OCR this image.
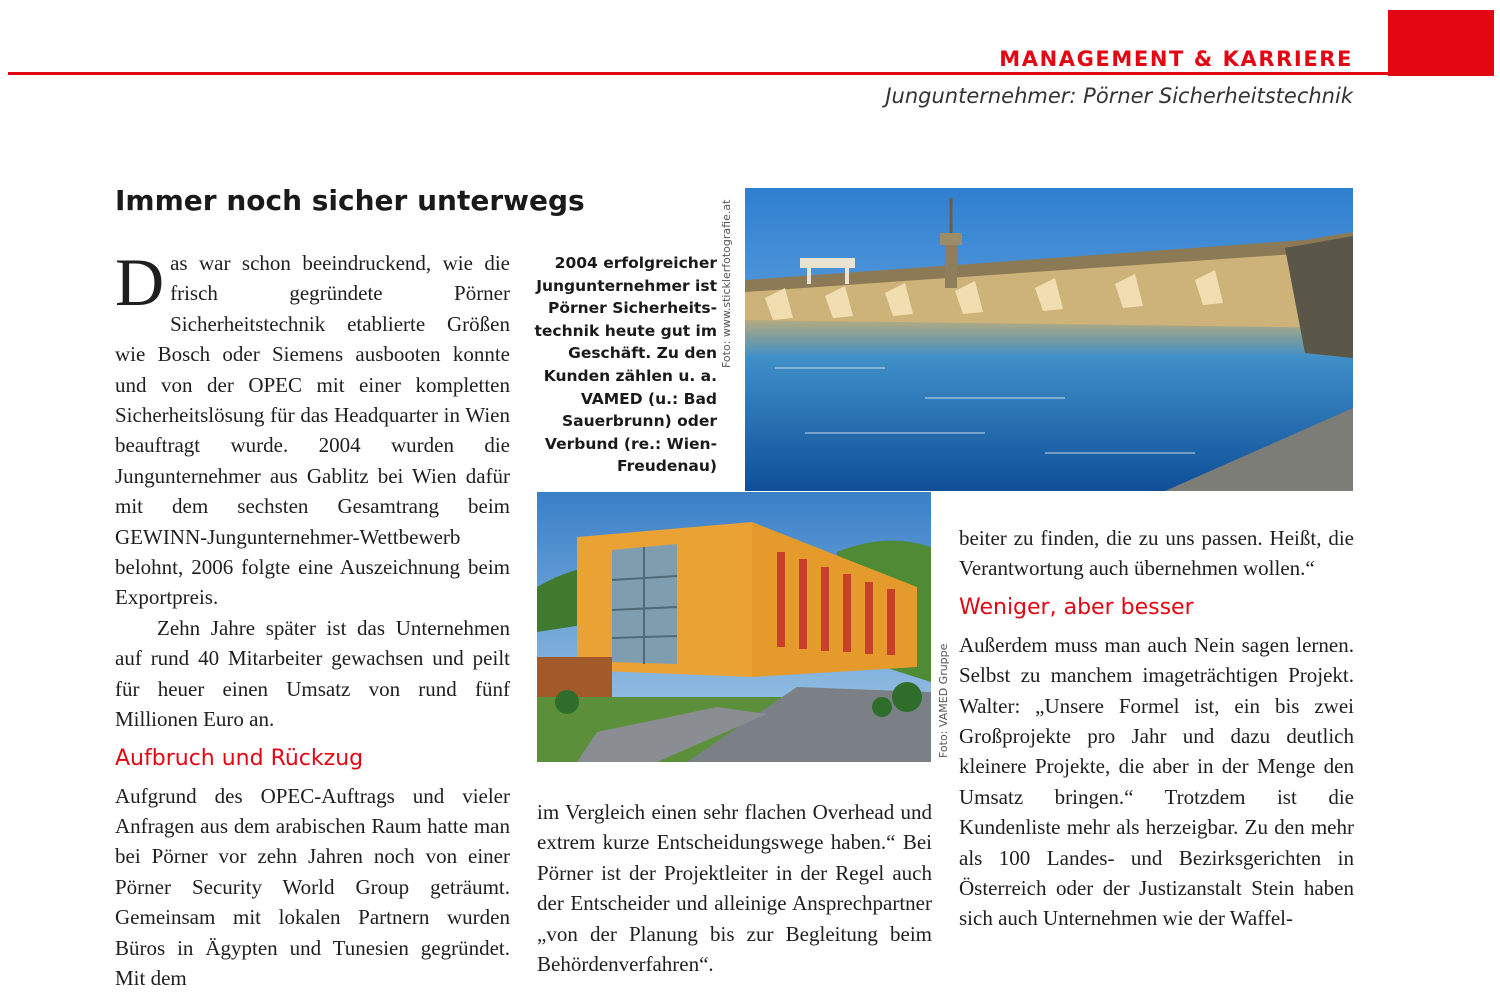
MANAGEMENT & KARRIERE
Jungunternehmer: Pörner Sicherheitstechnik
Immer noch sicher unterwegs	Foto: www.sticklerfotografie.at
Foto: VAMED Gruppe
2004 erfolgreicher Jungunternehmer ist Pörner Sicherheitstechnik heute gut im Geschäft. Zu den Kunden zählen u. a. VAMED (u.: Bad Sauerbrunn) oder Verbund (re.: Wien-Freudenau)

Das war schon beeindruckend, wie die frisch gegründete Pörner Sicherheitstechnik etablierte Größen wie Bosch oder Siemens ausbooten konnte und von der OPEC mit einer kompletten Sicherheitslösung für das Headquarter in Wien beauftragt wurde. 2004 wurden die Jungunternehmer aus Gablitz bei Wien dafür mit dem sechsten Gesamtrang beim GEWINN-Jungunternehmer-Wettbewerb belohnt, 2006 folgte eine Auszeichnung beim Exportpreis.

Zehn Jahre später ist das Unternehmen auf rund 40 Mitarbeiter gewachsen und peilt für heuer einen Umsatz von rund fünf Millionen Euro an.

Aufbruch und Rückzug

Aufgrund des OPEC-Auftrags und vieler Anfragen aus dem arabischen Raum hatte man bei Pörner vor zehn Jahren noch von einer Pörner Security World Group geträumt. Gemeinsam mit lokalen Partnern wurden Büros in Ägypten und Tunesien gegründet. Mit dem

im Vergleich einen sehr flachen Overhead und extrem kurze Entscheidungswege haben.“ Bei Pörner ist der Projektleiter in der Regel auch der Entscheider und alleinige Ansprechpartner „von der Planung bis zur Begleitung beim Behördenverfahren“.

beiter zu finden, die zu uns passen. Heißt, die Verantwortung auch übernehmen wollen.“

Weniger, aber besser

Außerdem muss man auch Nein sagen lernen. Selbst zu manchem imageträchtigen Projekt. Walter: „Unsere Formel ist, ein bis zwei Großprojekte pro Jahr und dazu deutlich kleinere Projekte, die aber in der Menge den Umsatz bringen.“ Trotzdem ist die Kundenliste mehr als herzeigbar. Zu den mehr als 100 Landes- und Bezirksgerichten in Österreich oder der Justizanstalt Stein haben sich auch Unternehmen wie der Waffel-
